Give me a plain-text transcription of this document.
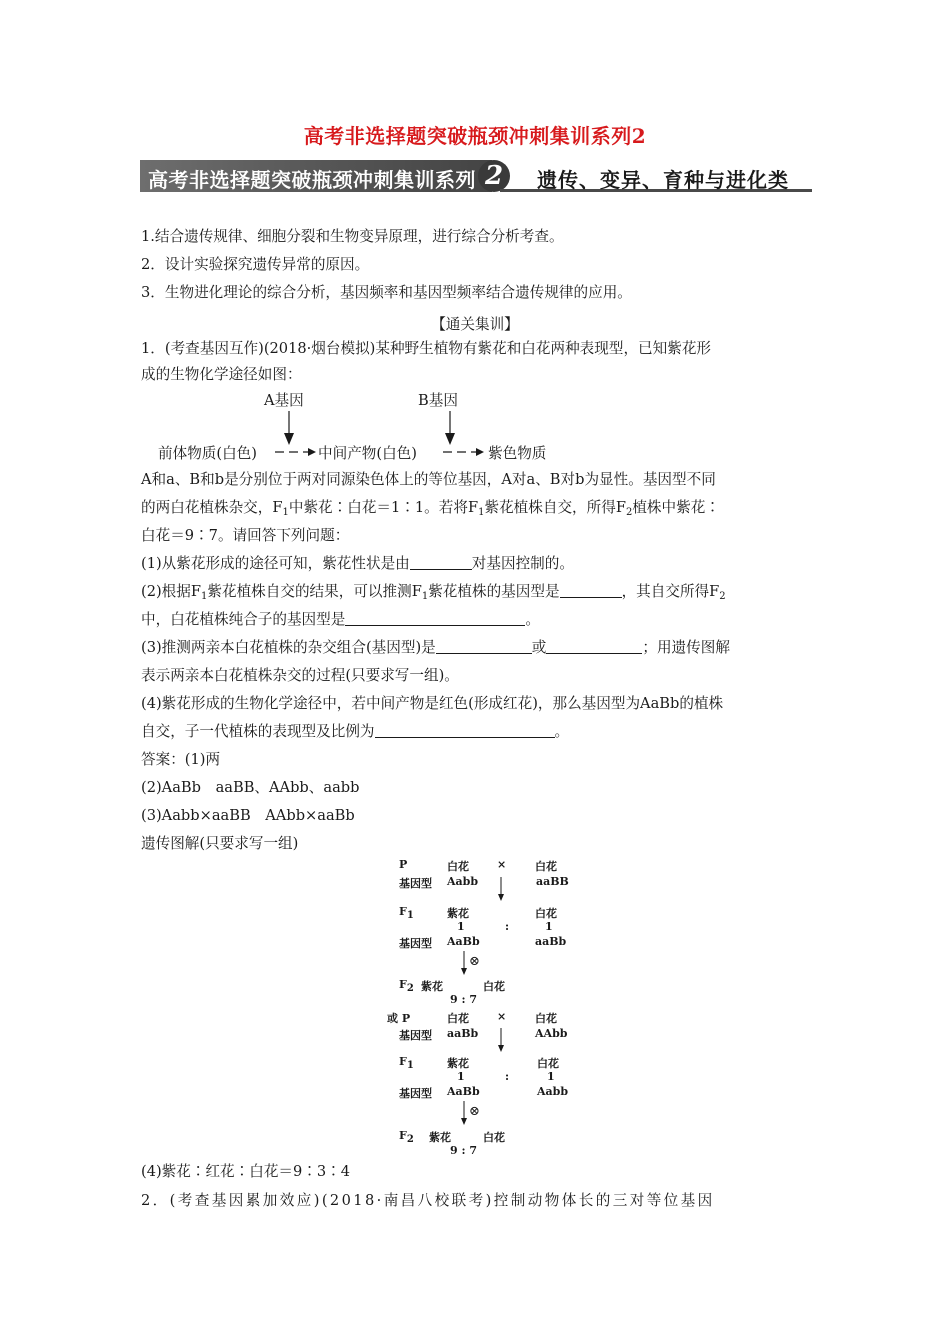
高考非选择题突破瓶颈冲刺集训系列2
高考非选择题突破瓶颈冲刺集训系列 2 遗传、变异、育种与进化类
1.结合遗传规律、细胞分裂和生物变异原理，进行综合分析考查。
2．设计实验探究遗传异常的原因。
3．生物进化理论的综合分析，基因频率和基因型频率结合遗传规律的应用。
【通关集训】
1．(考查基因互作)(2018·烟台模拟)某种野生植物有紫花和白花两种表现型，已知紫花形
成的生物化学途径如图：
A基因	B基因
前体物质(白色)	中间产物(白色)	紫色物质
A和a、B和b是分别位于两对同源染色体上的等位基因，A对a、B对b为显性。基因型不同
的两白花植株杂交，$F_1$中紫花∶白花＝1∶1。若将$F_1$紫花植株自交，所得$F_2$植株中紫花∶
白花＝9∶7。请回答下列问题：
(1)从紫花形成的途径可知，紫花性状是由	对基因控制的。
(2)根据$F_1$紫花植株自交的结果，可以推测$F_1$紫花植株的基因型是	，其自交所得$F_2$
中，白花植株纯合子的基因型是	。
(3)推测两亲本白花植株的杂交组合(基因型)是	或	；用遗传图解
表示两亲本白花植株杂交的过程(只要求写一组)。
(4)紫花形成的生物化学途径中，若中间产物是红色(形成红花)，那么基因型为AaBb的植株
自交，子一代植株的表现型及比例为	。
答案：(1)两
(2)AaBb　aaBB、AAbb、aabb
(3)Aabb×aaBB　AAbb×aaBb
遗传图解(只要求写一组)
P	白花	×	白花
基因型 Aabb	aaBB
F1	紫花	白花
1	:	1
基因型 AaBb	aaBb
⊗
F2 紫花	白花
9 : 7
或 P	白花	×	白花
基因型 aaBb	AAbb
F1	紫花	白花
1	:	1
基因型 AaBb	Aabb
⊗
F2 紫花	白花
9 : 7
(4)紫花∶红花∶白花＝9∶3∶4
2．(考查基因累加效应)(2018·南昌八校联考)控制动物体长的三对等位基因
